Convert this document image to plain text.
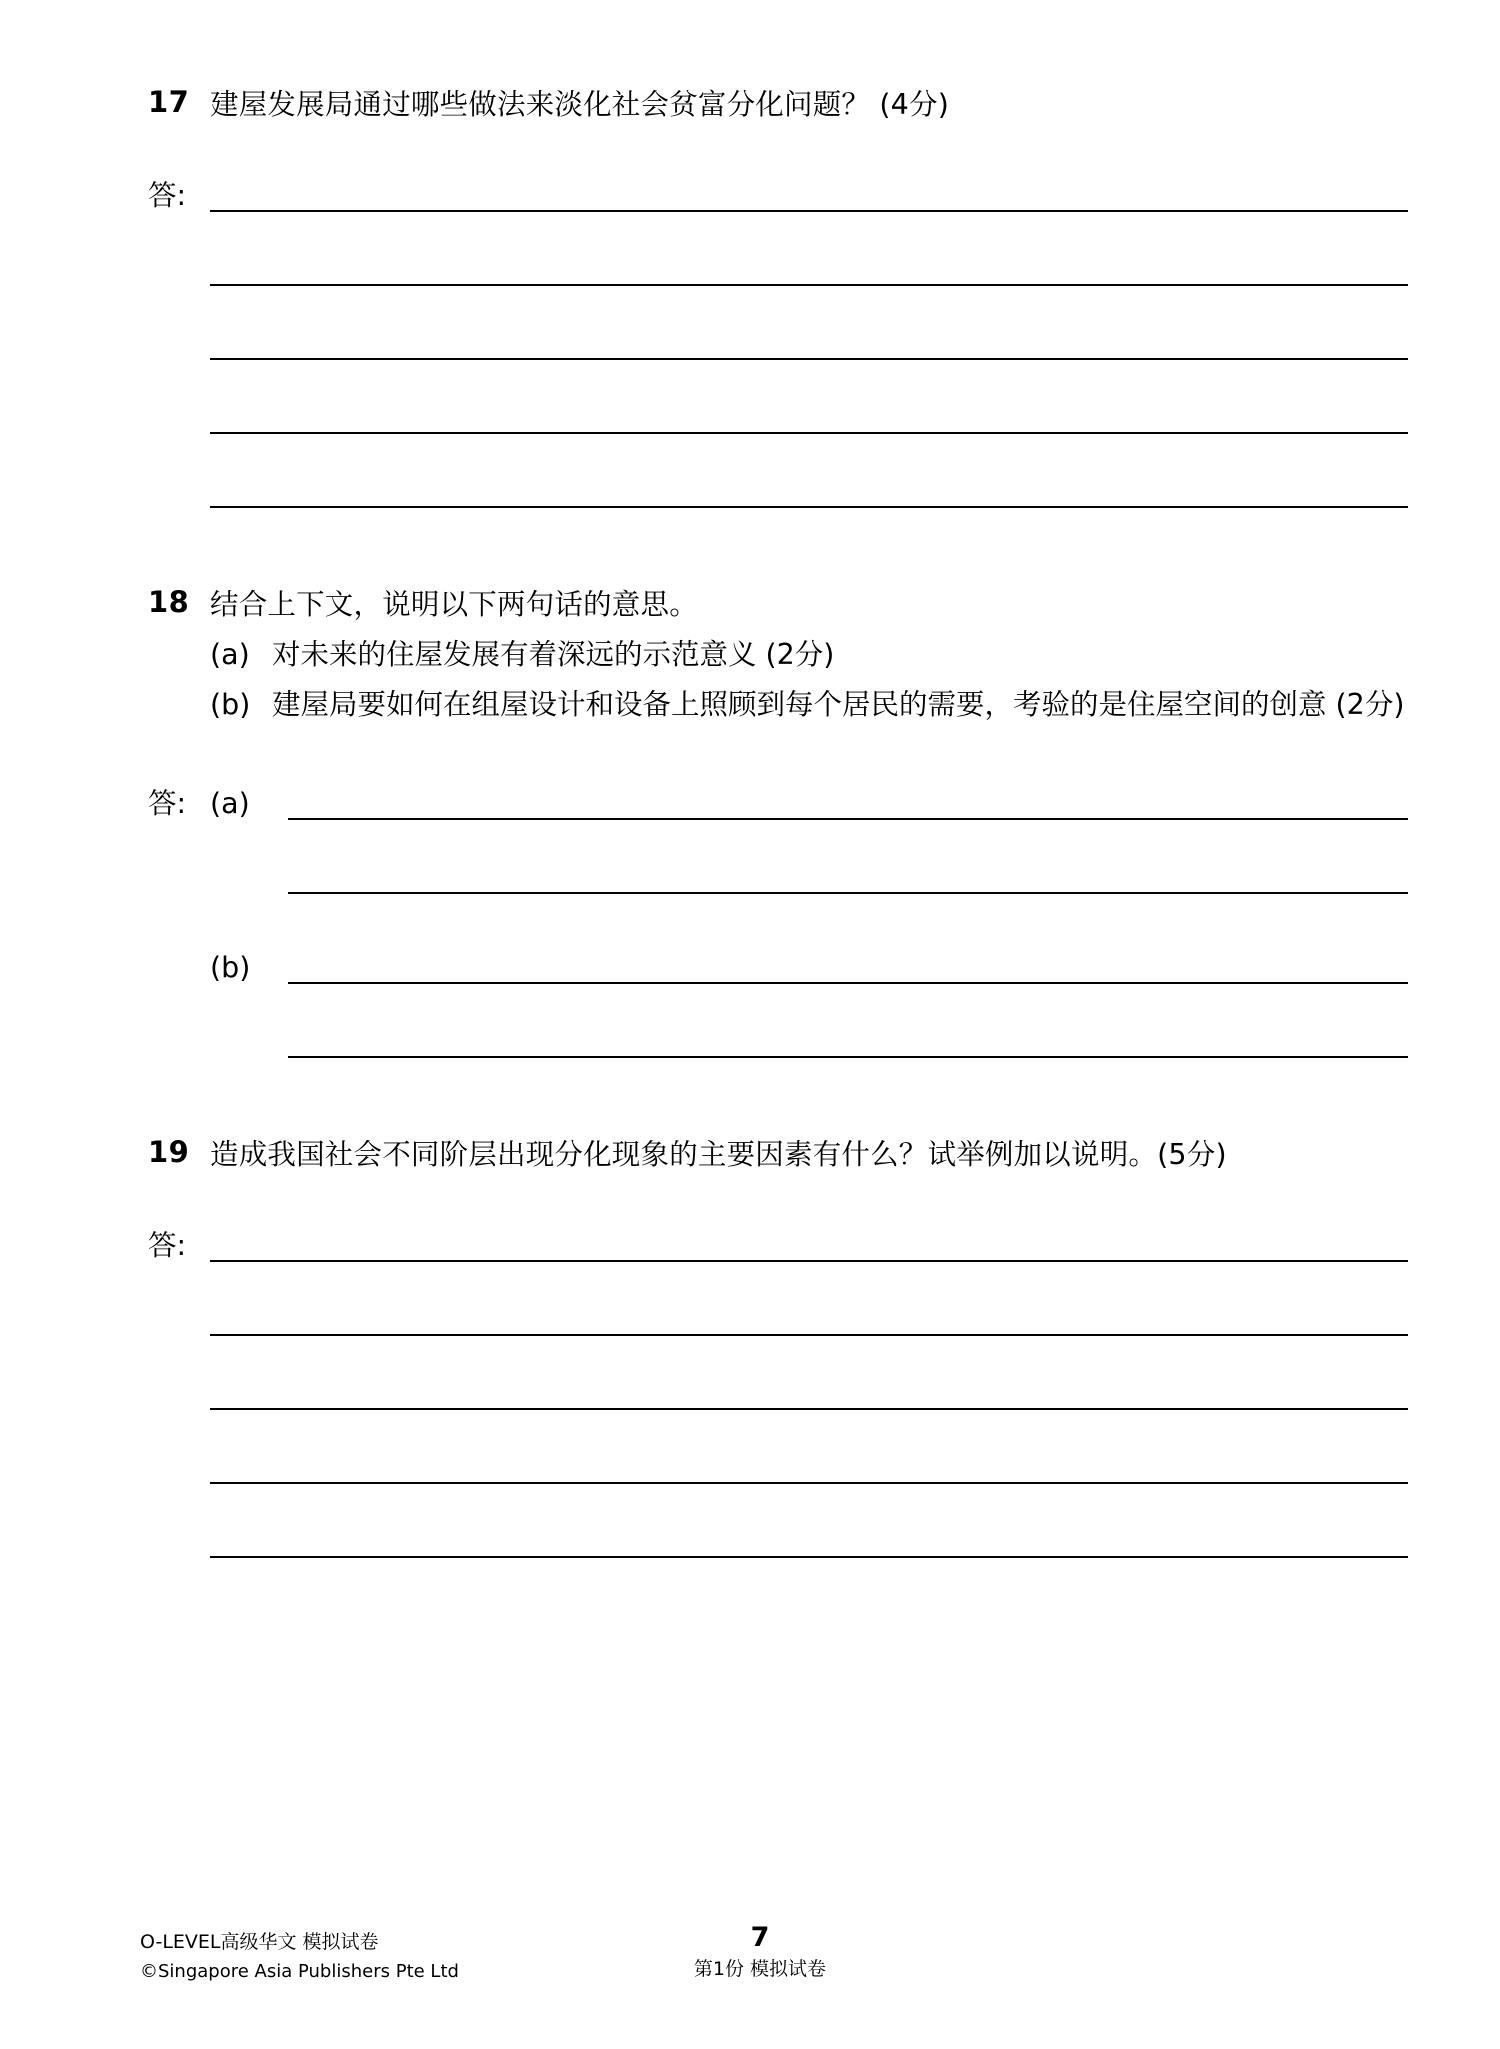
17 建屋发展局通过哪些做法来淡化社会贫富分化问题？ (4分)
答:
18 结合上下文，说明以下两句话的意思。
(a) 对未来的住屋发展有着深远的示范意义 (2分)
(b) 建屋局要如何在组屋设计和设备上照顾到每个居民的需要，考验的是住屋空间的创意 (2分)
答: (a)
(b)
19 造成我国社会不同阶层出现分化现象的主要因素有什么？试举例加以说明。(5分)
答:
O-LEVEL高级华文 模拟试卷
©Singapore Asia Publishers Pte Ltd
7
第1份 模拟试卷
